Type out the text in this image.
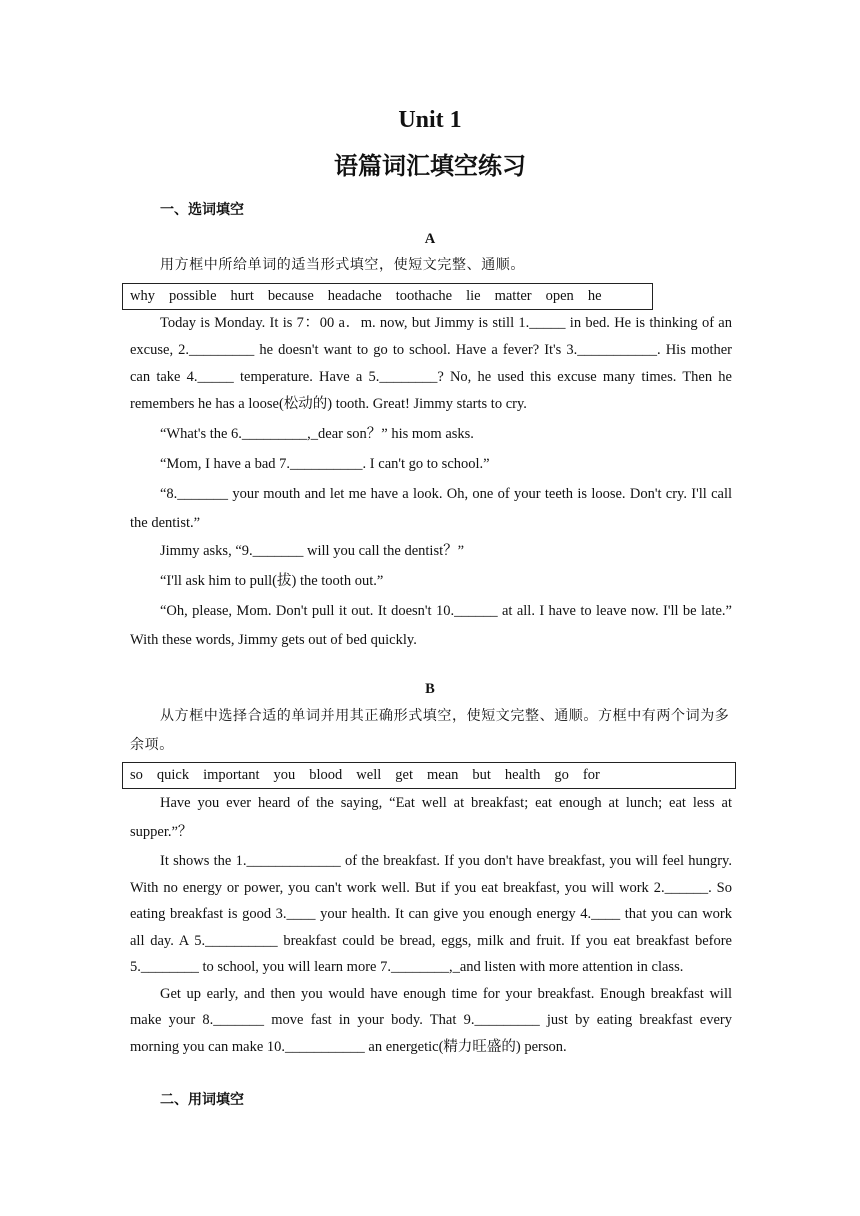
Unit 1
语篇词汇填空练习
一、选词填空
A
用方框中所给单词的适当形式填空，使短文完整、通顺。
why possible hurt because headache toothache lie matter open he

Today is Monday. It is 7：00 a．m. now, but Jimmy is still 1._____ in bed. He is thinking of an excuse, 2._________ he doesn't want to go to school. Have a fever? It's 3.___________. His mother can take 4._____ temperature. Have a 5.________? No, he used this excuse many times. Then he remembers he has a loose(松动的) tooth. Great! Jimmy starts to cry.

“What's the 6._________,_dear son？” his mom asks.

“Mom, I have a bad 7.__________. I can't go to school.”

“8._______ your mouth and let me have a look. Oh, one of your teeth is loose. Don't cry. I'll call the dentist.”

Jimmy asks, “9._______ will you call the dentist？”

“I'll ask him to pull(拔) the tooth out.”

“Oh, please, Mom. Don't pull it out. It doesn't 10.______ at all. I have to leave now. I'll be late.” With these words, Jimmy gets out of bed quickly.

B
从方框中选择合适的单词并用其正确形式填空，使短文完整、通顺。方框中有两个词为多余项。
so quick important you blood well get mean but health go for

Have you ever heard of the saying, “Eat well at breakfast; eat enough at lunch; eat less at supper.”？

It shows the 1._____________ of the breakfast. If you don't have breakfast, you will feel hungry. With no energy or power, you can't work well. But if you eat breakfast, you will work 2.______. So eating breakfast is good 3.____ your health. It can give you enough energy 4.____ that you can work all day. A 5.__________ breakfast could be bread, eggs, milk and fruit. If you eat breakfast before 5.________ to school, you will learn more 7.________,_and listen with more attention in class.

Get up early, and then you would have enough time for your breakfast. Enough breakfast will make your 8._______ move fast in your body. That 9._________ just by eating breakfast every morning you can make 10.___________ an energetic(精力旺盛的) person.

二、用词填空
